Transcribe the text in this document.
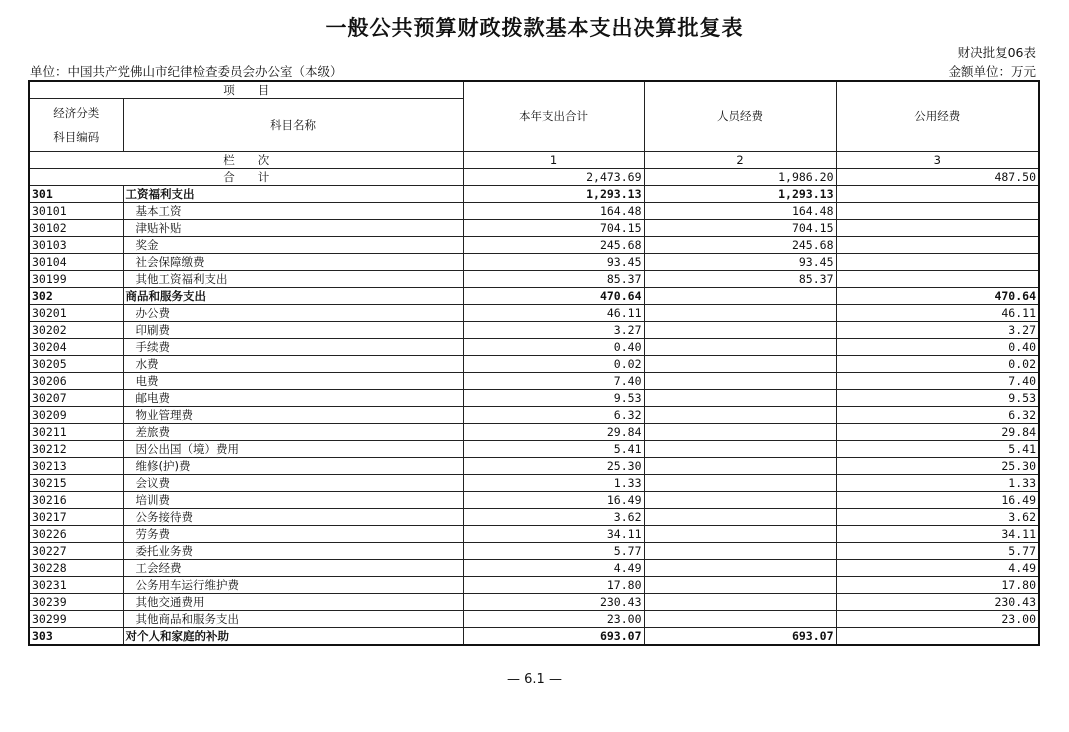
一般公共预算财政拨款基本支出决算批复表
财决批复06表
单位：中国共产党佛山市纪律检查委员会办公室（本级）	金额单位：万元
项　　目		本年支出合计	人员经费	公用经费

经济分类
科目编码	科目名称			
栏　　次		1	2	3
合　　计		2,473.69	1,986.20	487.50
301	工资福利支出	1,293.13	1,293.13	
30101	基本工资	164.48	164.48	
30102	津贴补贴	704.15	704.15	
30103	奖金	245.68	245.68	
30104	社会保障缴费	93.45	93.45	
30199	其他工资福利支出	85.37	85.37	
302	商品和服务支出	470.64		470.64
30201	办公费	46.11		46.11
30202	印刷费	3.27		3.27
30204	手续费	0.40		0.40
30205	水费	0.02		0.02
30206	电费	7.40		7.40
30207	邮电费	9.53		9.53
30209	物业管理费	6.32		6.32
30211	差旅费	29.84		29.84
30212	因公出国（境）费用	5.41		5.41
30213	维修(护)费	25.30		25.30
30215	会议费	1.33		1.33
30216	培训费	16.49		16.49
30217	公务接待费	3.62		3.62
30226	劳务费	34.11		34.11
30227	委托业务费	5.77		5.77
30228	工会经费	4.49		4.49
30231	公务用车运行维护费	17.80		17.80
30239	其他交通费用	230.43		230.43
30299	其他商品和服务支出	23.00		23.00
303	对个人和家庭的补助	693.07	693.07	
— 6.1 —
